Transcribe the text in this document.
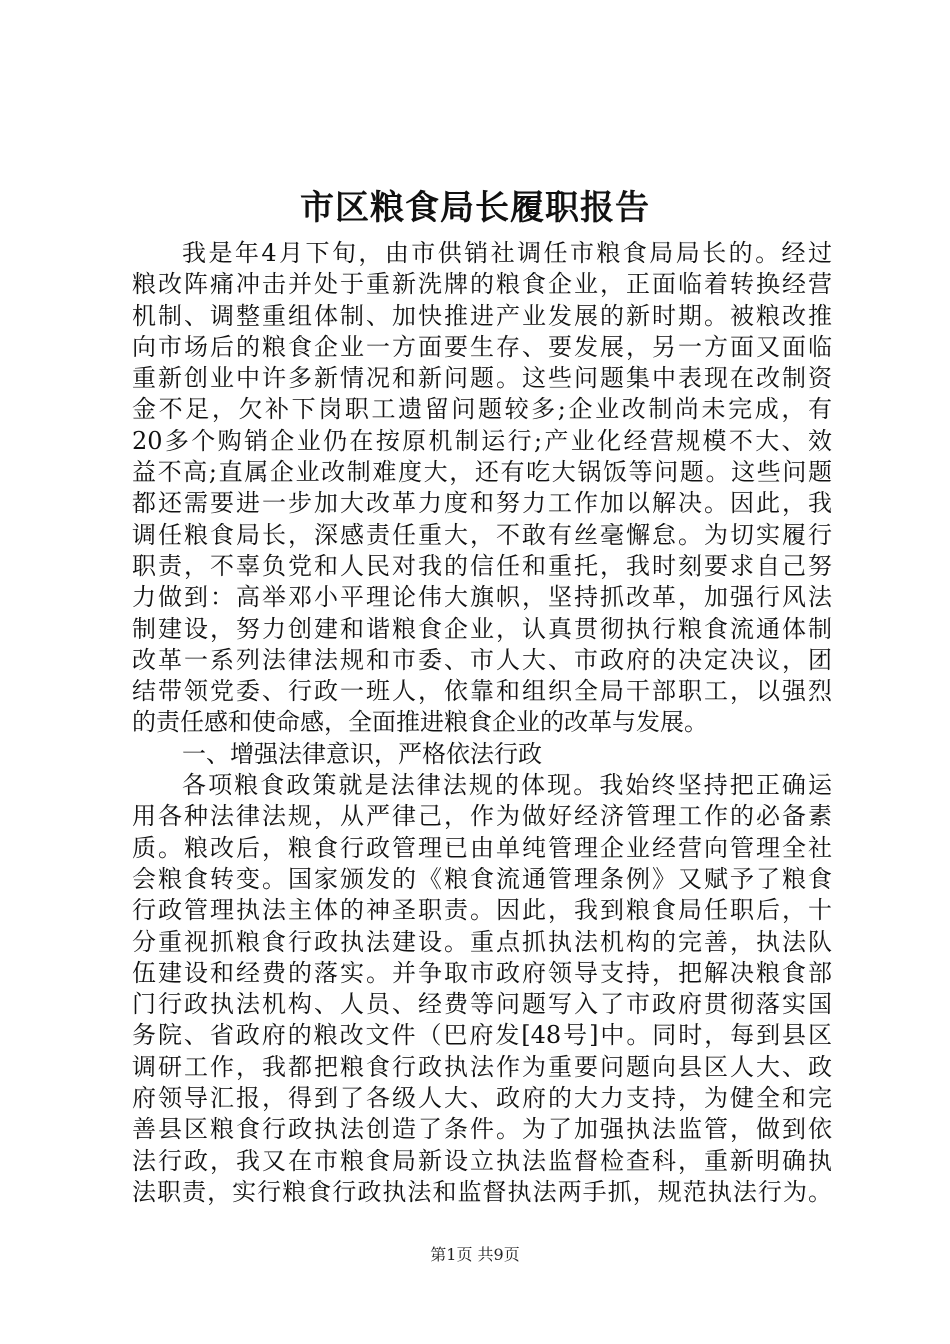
市区粮食局长履职报告
我是年4月下旬，由市供销社调任市粮食局局长的。经过
粮改阵痛冲击并处于重新洗牌的粮食企业，正面临着转换经营
机制、调整重组体制、加快推进产业发展的新时期。被粮改推
向市场后的粮食企业一方面要生存、要发展，另一方面又面临
重新创业中许多新情况和新问题。这些问题集中表现在改制资
金不足，欠补下岗职工遗留问题较多;企业改制尚未完成，有
20多个购销企业仍在按原机制运行;产业化经营规模不大、效
益不高;直属企业改制难度大，还有吃大锅饭等问题。这些问题
都还需要进一步加大改革力度和努力工作加以解决。因此，我
调任粮食局长，深感责任重大，不敢有丝毫懈怠。为切实履行
职责，不辜负党和人民对我的信任和重托，我时刻要求自己努
力做到：高举邓小平理论伟大旗帜，坚持抓改革，加强行风法
制建设，努力创建和谐粮食企业，认真贯彻执行粮食流通体制
改革一系列法律法规和市委、市人大、市政府的决定决议，团
结带领党委、行政一班人，依靠和组织全局干部职工，以强烈
的责任感和使命感，全面推进粮食企业的改革与发展。
一、增强法律意识，严格依法行政
各项粮食政策就是法律法规的体现。我始终坚持把正确运
用各种法律法规，从严律己，作为做好经济管理工作的必备素
质。粮改后，粮食行政管理已由单纯管理企业经营向管理全社
会粮食转变。国家颁发的《粮食流通管理条例》又赋予了粮食
行政管理执法主体的神圣职责。因此，我到粮食局任职后，十
分重视抓粮食行政执法建设。重点抓执法机构的完善，执法队
伍建设和经费的落实。并争取市政府领导支持，把解决粮食部
门行政执法机构、人员、经费等问题写入了市政府贯彻落实国
务院、省政府的粮改文件（巴府发[48号]中。同时，每到县区
调研工作，我都把粮食行政执法作为重要问题向县区人大、政
府领导汇报，得到了各级人大、政府的大力支持，为健全和完
善县区粮食行政执法创造了条件。为了加强执法监管，做到依
法行政，我又在市粮食局新设立执法监督检查科，重新明确执
法职责，实行粮食行政执法和监督执法两手抓，规范执法行为。
第1页 共9页
